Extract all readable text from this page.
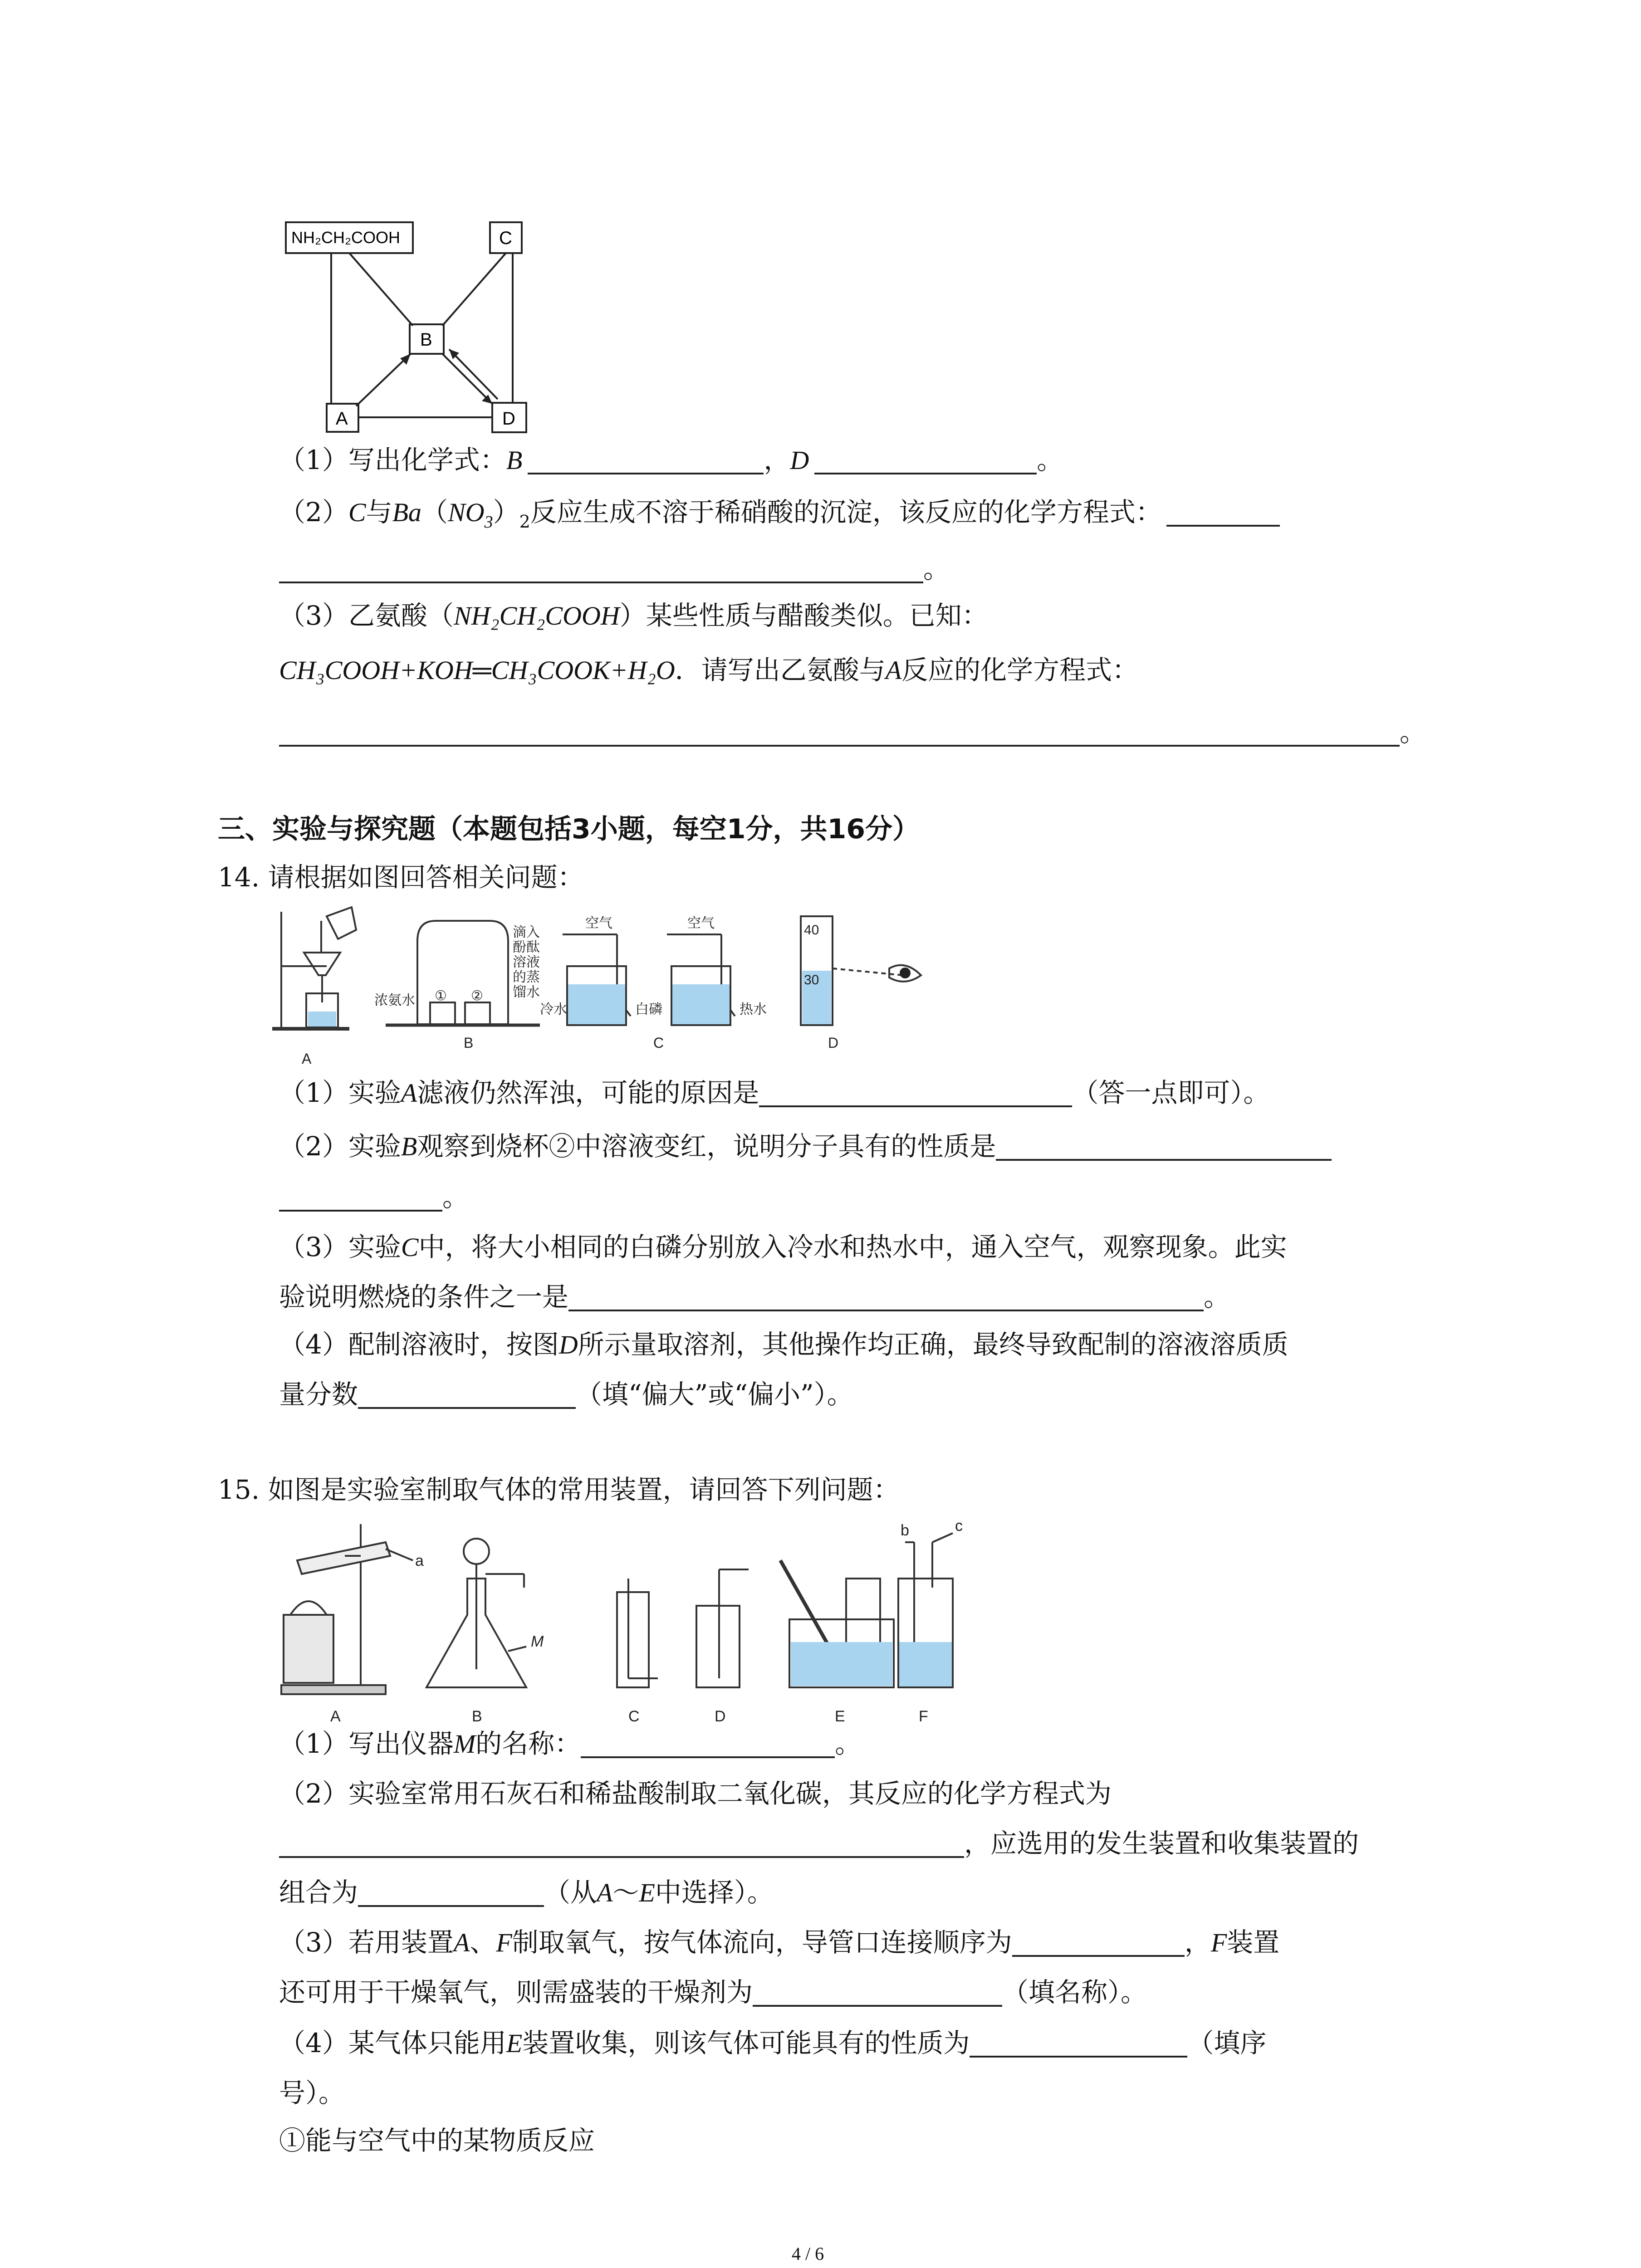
NH₂CH₂COOH	C
B
A	D
（1）写出化学式：B	，D	。
（2）C与$Ba(NO_3)_2$反应生成不溶于稀硝酸的沉淀，该反应的化学方程式：
。
（3）乙氨酸（NH₂CH₂COOH）某些性质与醋酸类似。已知：
CH₃COOH+KOH═CH₃COOK+H₂O．请写出乙氨酸与A反应的化学方程式：
。
三、实验与探究题（本题包括3小题，每空1分，共16分）
14. 请根据如图回答相关问题：
浓氨水 ① ②
滴入
酚酞
溶液
的蒸
馏水
空气	空气
冷水	白磷	热水
40
30
A
B	C	D
（1）实验A滤液仍然浑浊，可能的原因是	（答一点即可）。
（2）实验B观察到烧杯②中溶液变红，说明分子具有的性质是
。
（3）实验C中，将大小相同的白磷分别放入冷水和热水中，通入空气，观察现象。此实
验说明燃烧的条件之一是	。
（4）配制溶液时，按图D所示量取溶剂，其他操作均正确，最终导致配制的溶液溶质质
量分数	（填“偏大”或“偏小”）。
15. 如图是实验室制取气体的常用装置，请回答下列问题：
a
M
b	c
A	B	C	D	E	F
（1）写出仪器M的名称：	。
（2）实验室常用石灰石和稀盐酸制取二氧化碳，其反应的化学方程式为
，应选用的发生装置和收集装置的
组合为	（从A～E中选择）。
（3）若用装置A、F制取氧气，按气体流向，导管口连接顺序为	，F装置
还可用于干燥氧气，则需盛装的干燥剂为	（填名称）。
（4）某气体只能用E装置收集，则该气体可能具有的性质为	（填序
号）。
①能与空气中的某物质反应
4 / 6
